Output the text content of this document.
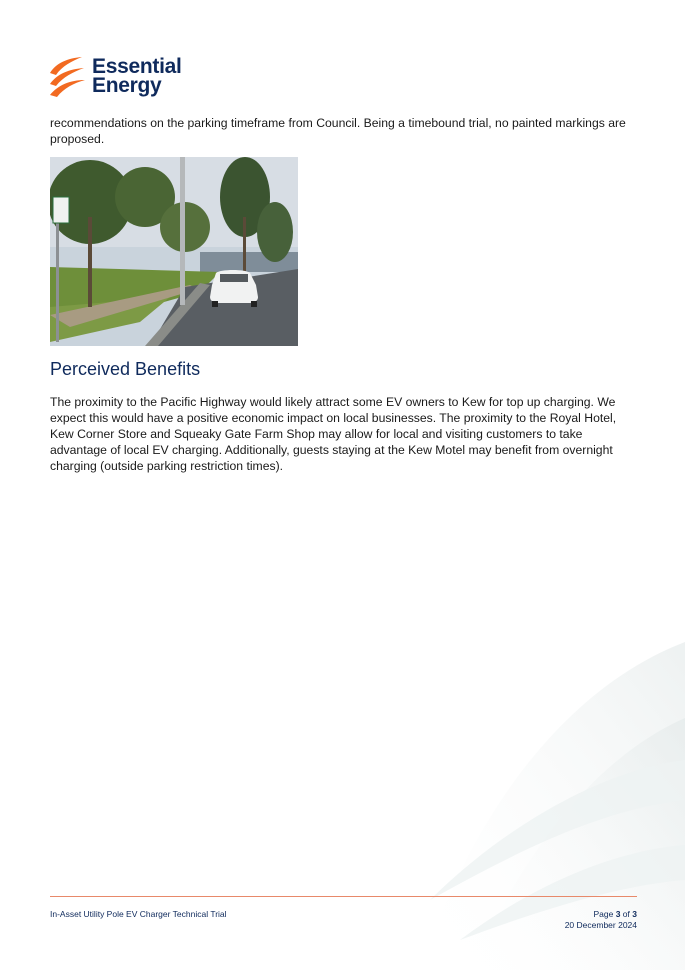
Essential
Energy

recommendations on the parking timeframe from Council. Being a timebound trial, no painted markings are proposed.

Perceived Benefits

The proximity to the Pacific Highway would likely attract some EV owners to Kew for top up charging. We expect this would have a positive economic impact on local businesses. The proximity to the Royal Hotel, Kew Corner Store and Squeaky Gate Farm Shop may allow for local and visiting customers to take advantage of local EV charging. Additionally, guests staying at the Kew Motel may benefit from overnight charging (outside parking restriction times).

In-Asset Utility Pole EV Charger Technical Trial	Page 3 of 3
20 December 2024
